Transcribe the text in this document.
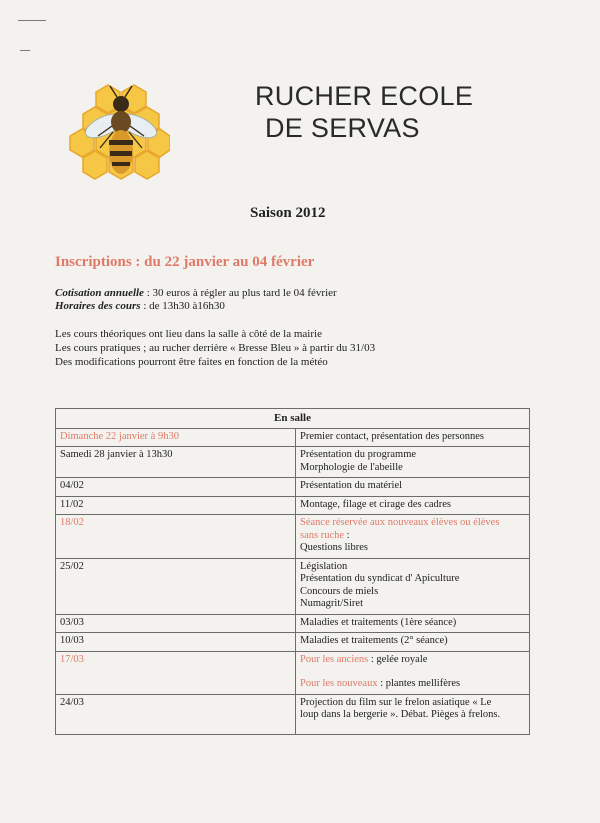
RUCHER ECOLE
DE SERVAS
Saison 2012
Inscriptions : du 22 janvier au 04 février
Cotisation annuelle : 30 euros à régler au plus tard le 04 février
Horaires des cours : de 13h30 à16h30
Les cours théoriques ont lieu dans la salle à côté de la mairie
Les cours pratiques ; au rucher derrière « Bresse Bleu » à partir du 31/03
Des modifications pourront être faites en fonction de la météo
En salle	
Dimanche 22 janvier à 9h30	Premier contact, présentation des personnes

Samedi 28 janvier à 13h30	Présentation du programme
Morphologie de l'abeille

04/02	Présentation du matériel

11/02	Montage, filage et cirage des cadres

18/02	Séance réservée aux nouveaux élèves ou élèves
sans ruche :
Questions libres

25/02	Législation
Présentation du syndicat d' Apiculture
Concours de miels
Numagrit/Siret

03/03	Maladies et traitements (1ère séance)

10/03	Maladies et traitements (2° séance)

17/03	Pour les anciens : gelée royale
Pour les nouveaux : plantes mellifères

24/03	Projection du film sur le frelon asiatique « Le
loup dans la bergerie ». Débat. Pièges à frelons.
